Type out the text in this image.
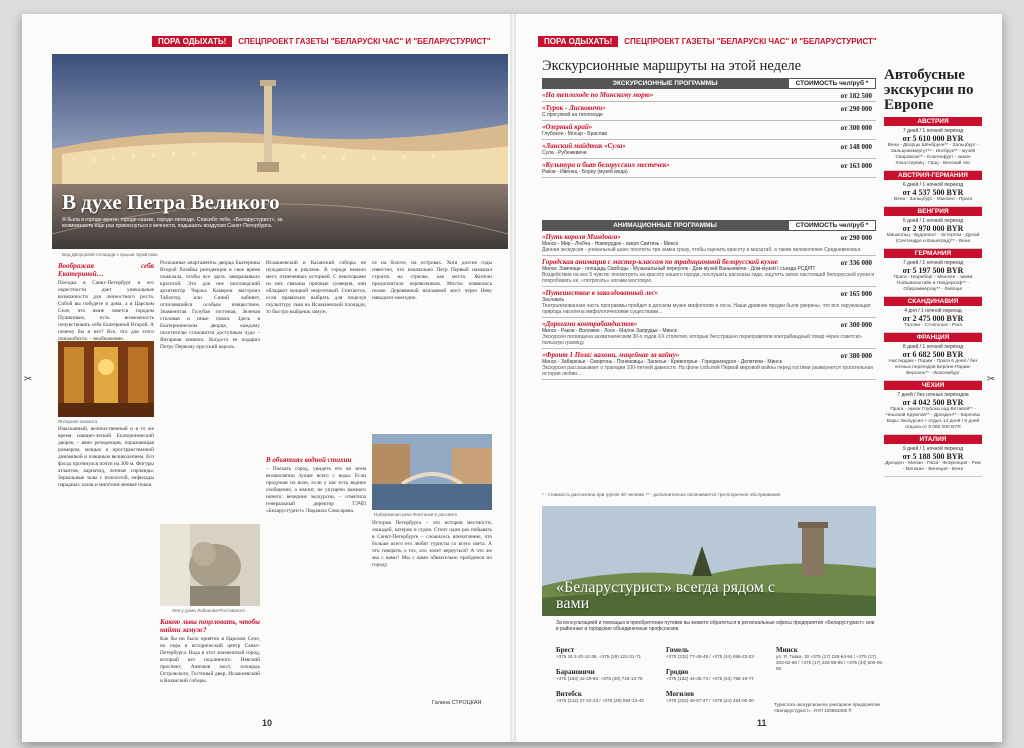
ПОРА ОДЫХАТЬ!	СПЕЦПРОЕКТ ГАЗЕТЫ "БЕЛАРУСКІ ЧАС" И "БЕЛАРУСТУРИСТ"
В духе Петра Великого
Я была в городе-мечте, городе-сказке, городе-легенде. Спасибо тебе, «Беларустурист», за возможность еще раз прикоснуться к вечности, подышать воздухом Санкт-Петербурга.
Вид Дворцовой площади с крыши Эрмитажа
Воображая себя Екатериной…
Поездка в Санкт-Петербург и его окрестности дает уникальные возможности для личностного роста. Собой вы побудете и дома, а в Царском Селе, что ныне зовется городом Пушкиным, есть возможность почувствовать себя Екатериной Второй. А почему бы и нет? Все, что для этого понадобится, – воображение.
Янтарная комната
Изысканный, величественный и в то же время изящно-легкий Екатерининский дворец – явно резиденция, поражающая размером, мощью и пространственной динамикой и изящным великолепием. Его фасад протянулся почти на 300 м. Фигуры атлантов, кариатид, лепные гирлянды. Зеркальные залы с позолотой, анфилады парадных залов и многочисленные покои.
Роскошные апартаменты дворца Екатерины Второй Хозяйка резиденции в свое время пожелала, чтобы все здесь завораживало красотой. Это для нее шотландский архитектор Чарльз Камерон выстроил Таблетку, или Синий кабинет, отличавшийся особым изяществом. Знаменитая Голубая гостиная, Зеленая столовая и иные покои. Здесь в Екатерининском дворце, каждому посетителю становится доступным чудо – Янтарная комната. Когда-то ее подарил Петру Первому прусский король.
Лев у дома Лобанова-Ростовского
Какою львы поцеловать, чтобы найти замуж?
Как бы ни было приятно в Царском Селе, но пора в исторический центр Санкт-Петербурга. Вода в этот знаменитый город, который нет подлинного. Невский проспект, Аничков мост, площадь Островского, Гостиный двор, Исаакиевский и Казанский соборы.
Исаакиевский и Казанский соборы не нуждаются в рекламе. В городе немало мест, отмеченных историей. С некоторыми из них связаны прочные суеверия, они обладают мощной энергетикой. Считается, если правильно выбрать для поцелуя скульптуру льва на Исаакиевской площади, то быстро выйдешь замуж.
В объятиях водной стихии
– Поехать город, увидеть его во всем великолепии лучше всего с воды. Если продуман по воле, если у нас есть водное сообщение, а значит, не упущено важного ничего: вечерние экскурсии, – отметила генеральный директор ТЭЧП «Беларустурист» Людмила Слюсарева.
се на болоте, на островах. Хотя долгие годы известно, что изначально Петр Первый назначал строить на стрелке, как место. Жители предпочитали перевозчиков. Мосты появились позже. Деревянный наплавной мост через Неву наводили ежегодно.
Набережная реки Фонтанки в рассвете
История Петербурга – это история местности, лошадей, катеров и судов. Стоит один раз побывать в Санкт-Петербурге – сложилось впечатление, что больше всего его любят туристы со всего света. А что говорить о тех, кто хочет вернуться? А что же мы с вами? Мы с вами обязательно пройдемся по городу.
Галина СТРОЦКАЯ
✂
10
ПОРА ОДЫХАТЬ!	СПЕЦПРОЕКТ ГАЗЕТЫ "БЕЛАРУСКІ ЧАС" И "БЕЛАРУСТУРИСТ"
Экскурсионные маршруты на этой неделе
ЭКСКУРСИОННЫЕ ПРОГРАММЫ	СТОИМОСТЬ чел/руб *
«На теплоходе по Минскому морю»	от 182 500
«Турок - Лисковичи»	от 290 000
С прогулкой на теплоходе
«Озерный край»	от 300 000
Глубокое - Мосар - Браслав
«Ланский майдтик «Сула»	от 148 000
Сула - Рубежевичи
«Культура и быт белорусских местечек»	от 163 000
Раков - Ивенец - Бороу (музей меда)
АНИМАЦИОННЫЕ ПРОГРАММЫ	СТОИМОСТЬ чел/руб *
«Путь короля Миндовга»	от 290 000
Минск - Мир - Любча - Новогрудок - озеро Свитязь - Минск
Данная экскурсия - уникальный шанс посетить три замка сразу, чтобы оценить красоту и масштаб, а также великолепие Средневековья.
Городская анимация с мастер-классом по традиционной белорусской кухне	от 336 000
Минск: Замчище - площадь Свободы - Музыкальный переулок - Дом-музей Ванькевича - Дом-музей I съезда РСДРП
Воздействие на все 5 чувств: посмотреть на красоту нашего города, послушать рассказы гида, ощутить запах настоящей белорусской кухни и попробовать ее, «потрогать» ногами мостовую.
«Путешествие в заколдованный лес»	от 165 000
Заславль
Театрализованная часть программы пройдет в детском музее мифологии и леса. Наши древние предки были уверены, что все окружающая природа населена мифологическими существами...
«Дорогами контрабандистов»	от 300 000
Минск - Раков - Воложин - Лоск - Малое Запрудье - Минск
Экскурсия посвящена захватническим 30-х годов XX столетия, которые бесстрашно переправляли контрабандный товар через советско-польскую границу.
«Фронт 1 Поза: кахони, мацейнае за вайну»	от 380 000
Минск - Заберезье - Сморгонь - Понизовцы - Залесье - Кревогорье - Гореднизодско - Делятичи - Минск
Экскурсия рассказывает о трагедии 100-летней давности. На фоне событий Первой мировой войны перед гостями развернется трогательная история любви...
* - стоимость рассчитана при группе 40 человек ** - дополнительно оплачивается три-вторичное обслуживание
«Беларустурист» всегда рядом с вами
За консультацией и помощью в приобретении путевки вы можете обратиться в региональные офисы предприятия «Беларустурист» или в районные и городские объединенные профсоюзов.
Брест
+375 16 2-20-12-38, +375 (29) 222-31-71
Гомель
+375 (232) 77-49-49 / +375 (44) 656-23-03
Минск
ул. Я. Тавка, 30 +375 (17) 226-94-94 / +375 (17) 203-62-66 / +375 (17) 226-98-85 / +375 (44) 500-06-55
Барановичи
+375 (163) 42-29-50, +375 (29) 718-13-76
Гродно
+375 (152) 44-35-73 / +375 (44) 768-19-77
Витебск
+375 (212) 27-22-23 / +375 (29) 594-13-42
Могилев
+375 (222) 40-87-47 / +375 (44) 494-00-20
Туристско-экскурсионное унитарное предприятие «Беларустурист». УНП 100863405 ®
Автобусные экскурсии по Европе
АВСТРИЯ
7 дней / 1 ночной переезд
от 5 610 000 BYR
Вена - Дворцы Шёнбрунн** - Зальцбург - Зальцкаммергут** - Инсбрук** - музей Сваровски** - Клагенфурт - замок Хохостервиц - Грац - Венский лес
АВСТРИЯ-ГЕРМАНИЯ
6 дней / 1 ночной переезд
от 4 537 500 BYR
Вена - Зальцбург - Мюнхен - Прага
ВЕНГРИЯ
5 дней / 1 ночной переезд
от 2 970 000 BYR
Мишкольц - Будапешт - Эстергом - Дунай (Сентендре и Вишеград)** - Вена
ГЕРМАНИЯ
7 дней / 1 ночной переезд
от 5 197 500 BYR
Прага - Нюрнберг - Мюнхен - замки Нойшванштайн и Линдерхоф** - Обераммергау** - Лейпциг
СКАНДИНАВИЯ
4 дня / 1 ночной переезд
от 2 475 000 BYR
Таллин - Стокгольм - Рига
ФРАНЦИЯ
8 дней / 1 ночной переезд
от 6 682 500 BYR
Амстердам - Париж - Прага 6 дней / без ночных переездов Берлин-Париж-Версаль** - Люксембург
ЧЕХИЯ
7 дней / без ночных переездов
от 4 042 500 BYR
Прага - замок Глубока над Влтавой** - Чешский Крумлов** - Дрезден** - Карловы Вары Экскурсия + отдых 14 дней / 8 дней отдыха от 8 085 000 BYR
ИТАЛИЯ
9 дней / 1 ночной переезд
от 5 188 500 BYR
Дрезден - Милан - Пиза - Флоренция - Рим - Ватикан - Венеция - Вена
✂
11
